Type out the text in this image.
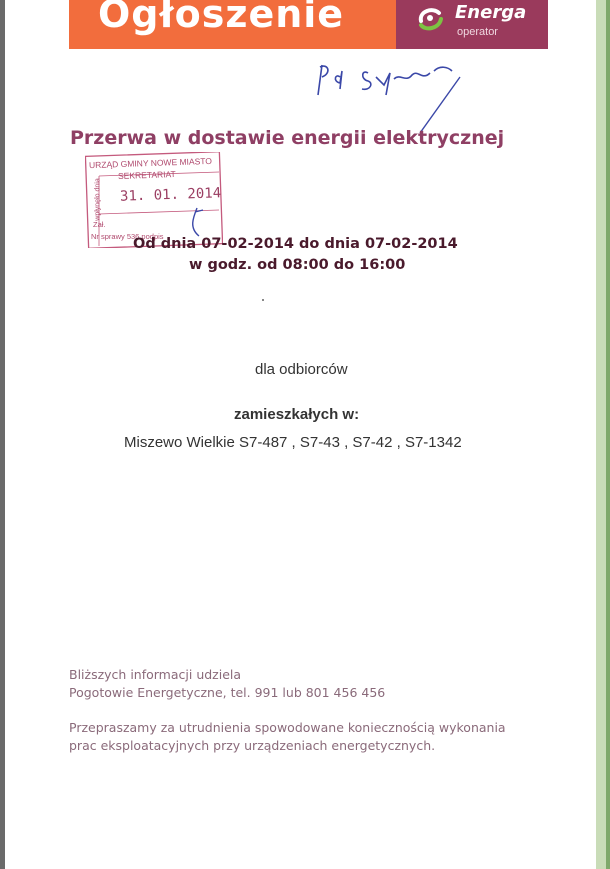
Ogłoszenie	Energa
operator
Przerwa w dostawie energii elektrycznej
URZĄD GMINY NOWE MIASTO
SEKRETARIAT
31. 01. 2014
wpłynęło dnia
Zał.
Nr sprawy 536 podpis
Od dnia 07-02-2014 do dnia 07-02-2014
w godz. od 08:00 do 16:00
dla odbiorców
zamieszkałych w:
Miszewo Wielkie S7-487 , S7-43 , S7-42 , S7-1342
Bliższych informacji udziela
Pogotowie Energetyczne, tel. 991 lub 801 456 456
Przepraszamy za utrudnienia spowodowane koniecznością wykonania
prac eksploatacyjnych przy urządzeniach energetycznych.
